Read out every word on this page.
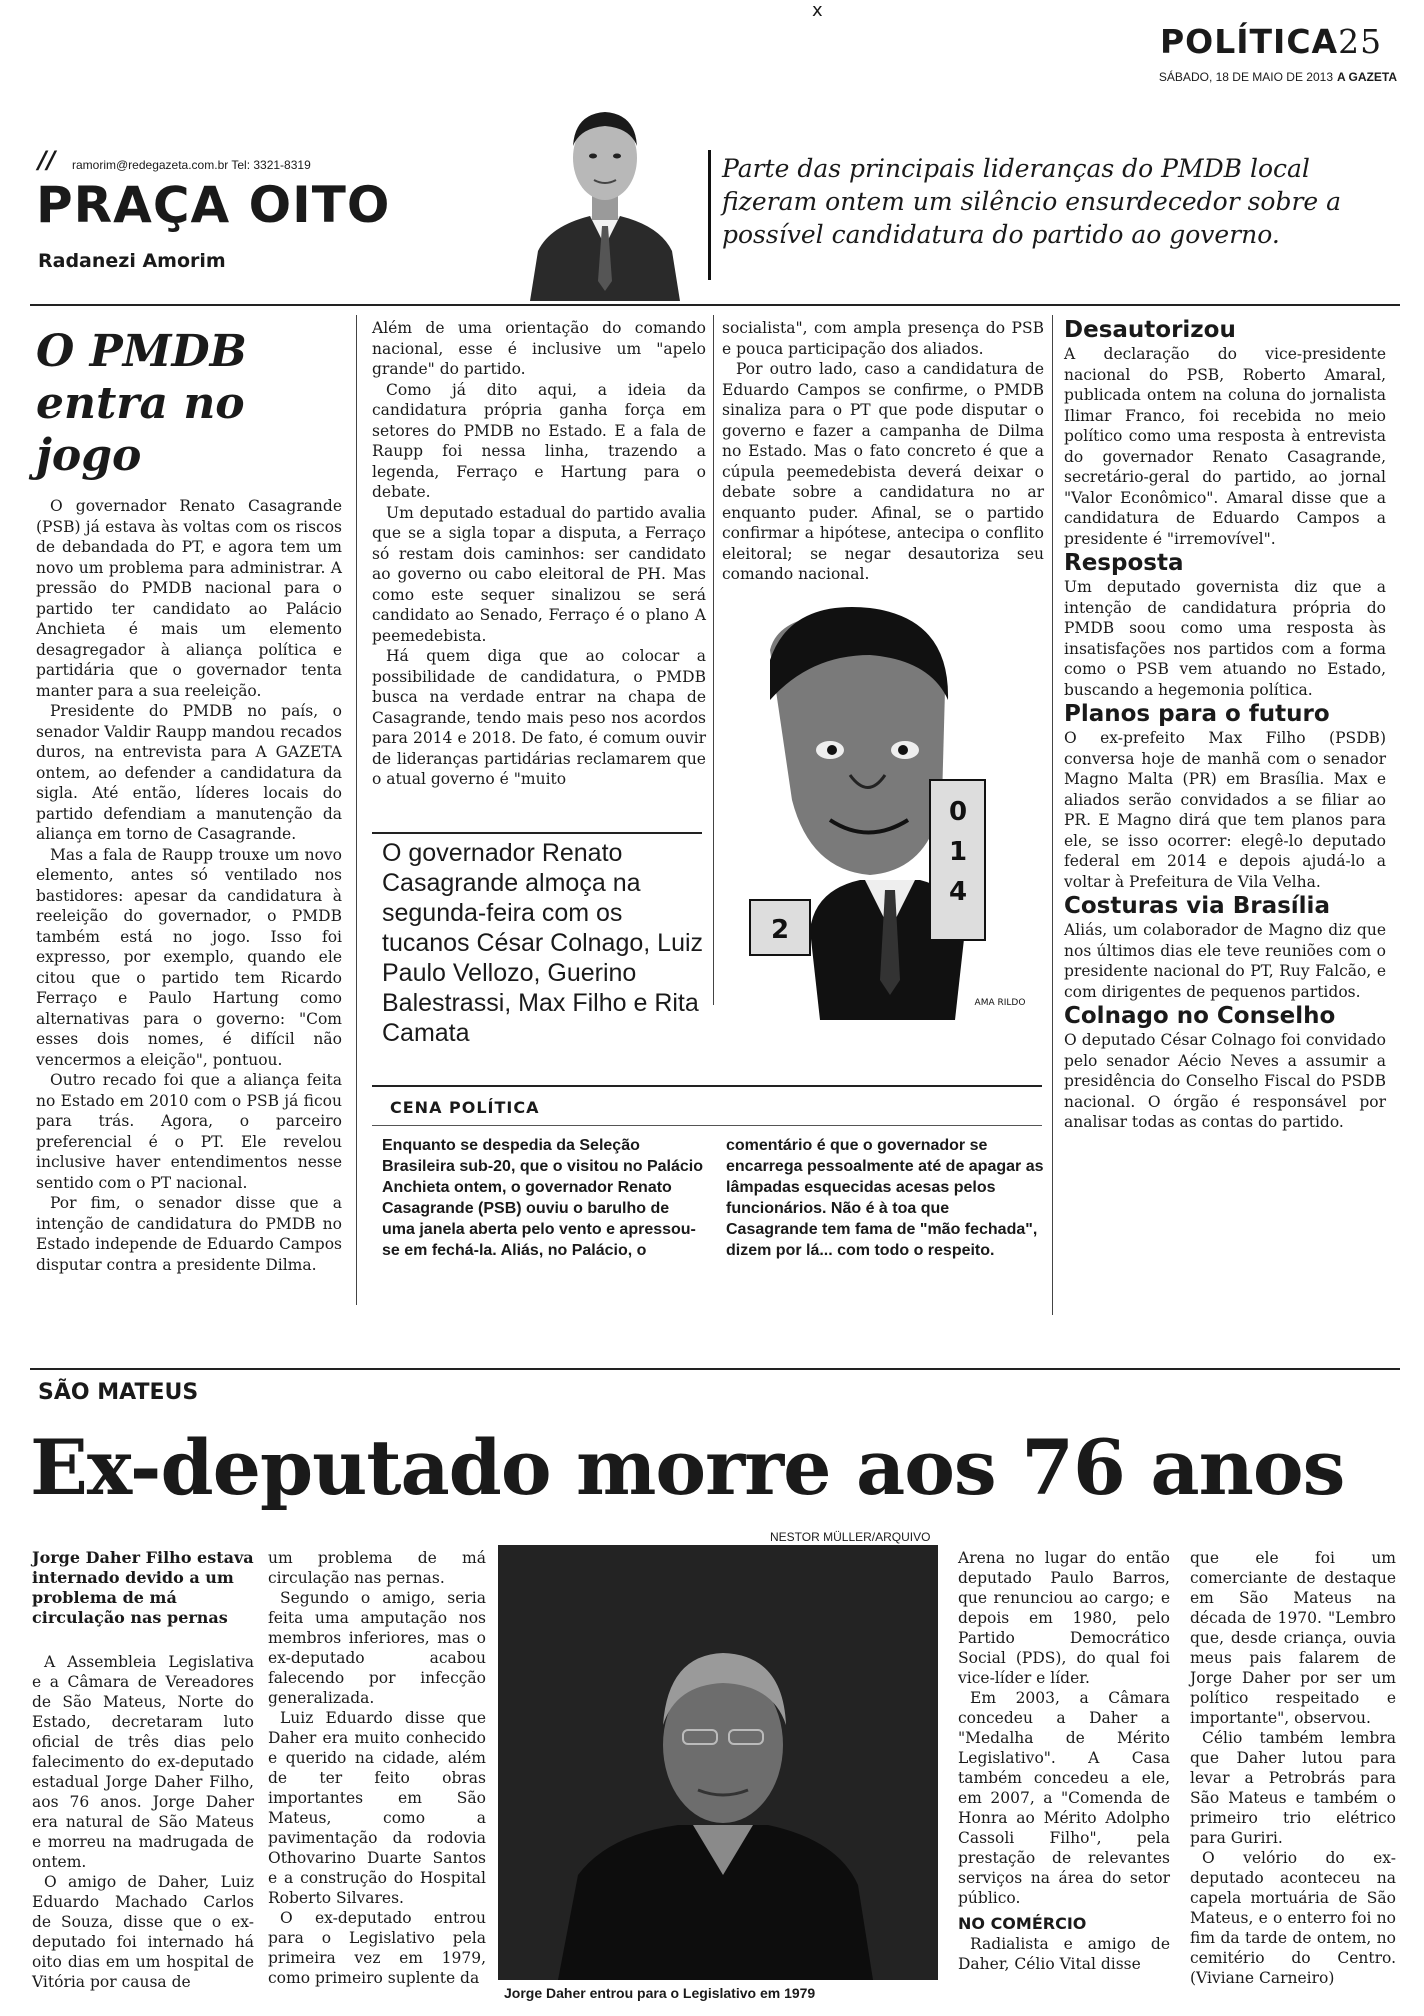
x
POLÍTICA25
SÁBADO, 18 DE MAIO DE 2013 A GAZETA
// ramorim@redegazeta.com.br Tel: 3321-8319
PRAÇA OITO
Radanezi Amorim
Parte das principais lideranças do PMDB local fizeram ontem um silêncio ensurdecedor sobre a possível candidatura do partido ao governo.
O PMDB entra no jogo

O governador Renato Casagrande (PSB) já estava às voltas com os riscos de debandada do PT, e agora tem um novo um problema para administrar. A pressão do PMDB nacional para o partido ter candidato ao Palácio Anchieta é mais um elemento desagregador à aliança política e partidária que o governador tenta manter para a sua reeleição.

Presidente do PMDB no país, o senador Valdir Raupp mandou recados duros, na entrevista para A GAZETA ontem, ao defender a candidatura da sigla. Até então, líderes locais do partido defendiam a manutenção da aliança em torno de Casagrande.

Mas a fala de Raupp trouxe um novo elemento, antes só ventilado nos bastidores: apesar da candidatura à reeleição do governador, o PMDB também está no jogo. Isso foi expresso, por exemplo, quando ele citou que o partido tem Ricardo Ferraço e Paulo Hartung como alternativas para o governo: "Com esses dois nomes, é difícil não vencermos a eleição", pontuou.

Outro recado foi que a aliança feita no Estado em 2010 com o PSB já ficou para trás. Agora, o parceiro preferencial é o PT. Ele revelou inclusive haver entendimentos nesse sentido com o PT nacional.

Por fim, o senador disse que a intenção de candidatura do PMDB no Estado independe de Eduardo Campos disputar contra a presidente Dilma.

Além de uma orientação do comando nacional, esse é inclusive um "apelo grande" do partido.

Como já dito aqui, a ideia da candidatura própria ganha força em setores do PMDB no Estado. E a fala de Raupp foi nessa linha, trazendo a legenda, Ferraço e Hartung para o debate.

Um deputado estadual do partido avalia que se a sigla topar a disputa, a Ferraço só restam dois caminhos: ser candidato ao governo ou cabo eleitoral de PH. Mas como este sequer sinalizou se será candidato ao Senado, Ferraço é o plano A peemedebista.

Há quem diga que ao colocar a possibilidade de candidatura, o PMDB busca na verdade entrar na chapa de Casagrande, tendo mais peso nos acordos para 2014 e 2018. De fato, é comum ouvir de lideranças partidárias reclamarem que o atual governo é "muito

O governador Renato Casagrande almoça na segunda-feira com os tucanos César Colnago, Luiz Paulo Vellozo, Guerino Balestrassi, Max Filho e Rita Camata

socialista", com ampla presença do PSB e pouca participação dos aliados.

Por outro lado, caso a candidatura de Eduardo Campos se confirme, o PMDB sinaliza para o PT que pode disputar o governo e fazer a campanha de Dilma no Estado. Mas o fato concreto é que a cúpula peemedebista deverá deixar o debate sobre a candidatura no ar enquanto puder. Afinal, se o partido confirmar a hipótese, antecipa o conflito eleitoral; se negar desautoriza seu comando nacional.

0
1
4
2
AMA RILDO
Desautorizou
A declaração do vice-presidente nacional do PSB, Roberto Amaral, publicada ontem na coluna do jornalista Ilimar Franco, foi recebida no meio político como uma resposta à entrevista do governador Renato Casagrande, secretário-geral do partido, ao jornal "Valor Econômico". Amaral disse que a candidatura de Eduardo Campos a presidente é "irremovível".
Resposta
Um deputado governista diz que a intenção de candidatura própria do PMDB soou como uma resposta às insatisfações nos partidos com a forma como o PSB vem atuando no Estado, buscando a hegemonia política.
Planos para o futuro
O ex-prefeito Max Filho (PSDB) conversa hoje de manhã com o senador Magno Malta (PR) em Brasília. Max e aliados serão convidados a se filiar ao PR. E Magno dirá que tem planos para ele, se isso ocorrer: elegê-lo deputado federal em 2014 e depois ajudá-lo a voltar à Prefeitura de Vila Velha.
Costuras via Brasília
Aliás, um colaborador de Magno diz que nos últimos dias ele teve reuniões com o presidente nacional do PT, Ruy Falcão, e com dirigentes de pequenos partidos.
Colnago no Conselho
O deputado César Colnago foi convidado pelo senador Aécio Neves a assumir a presidência do Conselho Fiscal do PSDB nacional. O órgão é responsável por analisar todas as contas do partido.
CENA POLÍTICA
Enquanto se despedia da Seleção Brasileira sub-20, que o visitou no Palácio Anchieta ontem, o governador Renato Casagrande (PSB) ouviu o barulho de uma janela aberta pelo vento e apressou-se em fechá-la. Aliás, no Palácio, o
comentário é que o governador se encarrega pessoalmente até de apagar as lâmpadas esquecidas acesas pelos funcionários. Não é à toa que Casagrande tem fama de "mão fechada", dizem por lá... com todo o respeito.
SÃO MATEUS
Ex-deputado morre aos 76 anos
Jorge Daher Filho estava internado devido a um problema de má circulação nas pernas

A Assembleia Legislativa e a Câmara de Vereadores de São Mateus, Norte do Estado, decretaram luto oficial de três dias pelo falecimento do ex-deputado estadual Jorge Daher Filho, aos 76 anos. Jorge Daher era natural de São Mateus e morreu na madrugada de ontem.

O amigo de Daher, Luiz Eduardo Machado Carlos de Souza, disse que o ex-deputado foi internado há oito dias em um hospital de Vitória por causa de

um problema de má circulação nas pernas.

Segundo o amigo, seria feita uma amputação nos membros inferiores, mas o ex-deputado acabou falecendo por infecção generalizada.

Luiz Eduardo disse que Daher era muito conhecido e querido na cidade, além de ter feito obras importantes em São Mateus, como a pavimentação da rodovia Othovarino Duarte Santos e a construção do Hospital Roberto Silvares.

O ex-deputado entrou para o Legislativo pela primeira vez em 1979, como primeiro suplente da

NESTOR MÜLLER/ARQUIVO
Jorge Daher entrou para o Legislativo em 1979

Arena no lugar do então deputado Paulo Barros, que renunciou ao cargo; e depois em 1980, pelo Partido Democrático Social (PDS), do qual foi vice-líder e líder.

Em 2003, a Câmara concedeu a Daher a "Medalha de Mérito Legislativo". A Casa também concedeu a ele, em 2007, a "Comenda de Honra ao Mérito Adolpho Cassoli Filho", pela prestação de relevantes serviços na área do setor público.

NO COMÉRCIO

Radialista e amigo de Daher, Célio Vital disse

que ele foi um comerciante de destaque em São Mateus na década de 1970. "Lembro que, desde criança, ouvia meus pais falarem de Jorge Daher por ser um político respeitado e importante", observou.

Célio também lembra que Daher lutou para levar a Petrobrás para São Mateus e também o primeiro trio elétrico para Guriri.

O velório do ex-deputado aconteceu na capela mortuária de São Mateus, e o enterro foi no fim da tarde de ontem, no cemitério do Centro. (Viviane Carneiro)
